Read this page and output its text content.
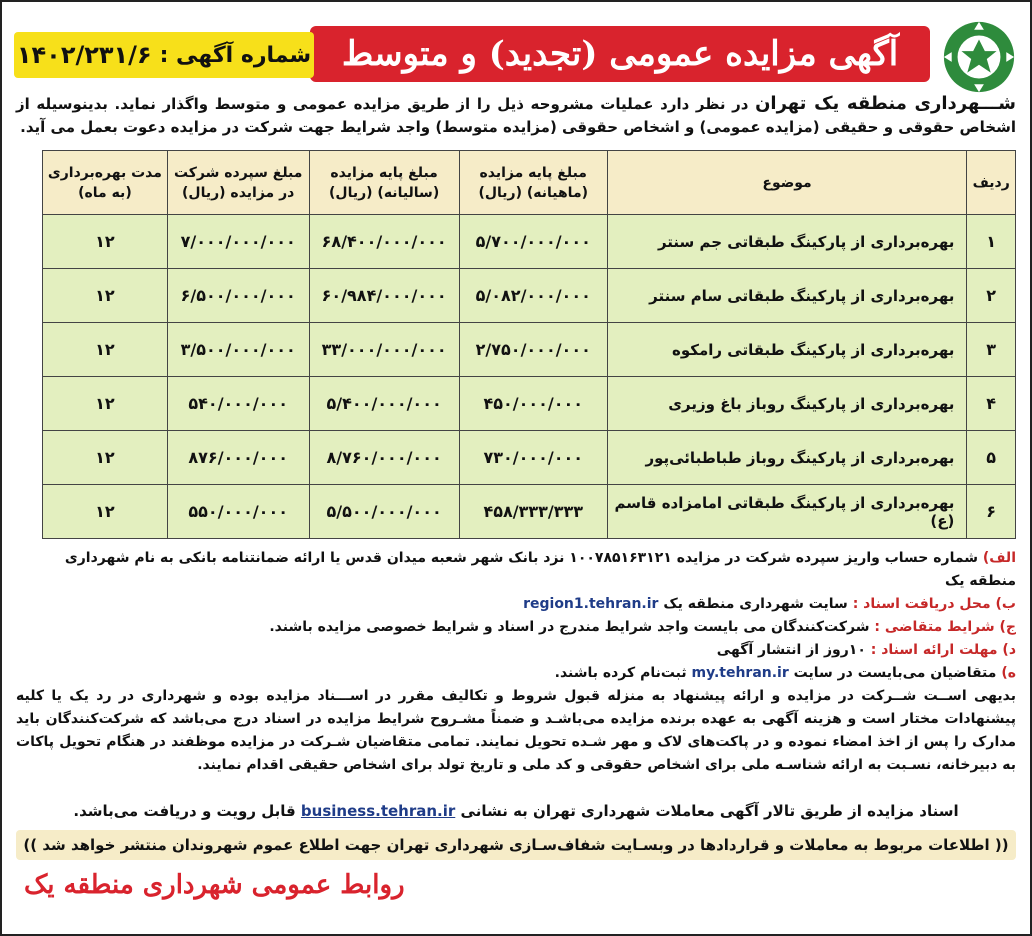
آگهی مزایده عمومی (تجدید) و متوسط
شماره آگهی :
۱۴۰۲/۲۳۱/۶
شـــهرداری منطقه یک تهران در نظر دارد عملیات مشروحه ذیل را از طریق مزایده عمومی و متوسط واگذار نماید. بدینوسیله از اشخاص حقوقی و حقیقی (مزایده عمومی) و اشخاص حقوقی (مزایده متوسط) واجد شرایط جهت شرکت در مزایده دعوت بعمل می آید.
ردیف	موضوع	مبلغ پایه مزایده (ماهیانه) (ریال)	مبلغ پایه مزایده (سالیانه) (ریال)	مبلغ سپرده شرکت در مزایده (ریال)	مدت بهره‌برداری (به ماه)
۱	بهره‌برداری از پارکینگ طبقاتی جم سنتر	۵/۷۰۰/۰۰۰/۰۰۰	۶۸/۴۰۰/۰۰۰/۰۰۰	۷/۰۰۰/۰۰۰/۰۰۰	۱۲
۲	بهره‌برداری از پارکینگ طبقاتی سام سنتر	۵/۰۸۲/۰۰۰/۰۰۰	۶۰/۹۸۴/۰۰۰/۰۰۰	۶/۵۰۰/۰۰۰/۰۰۰	۱۲
۳	بهره‌برداری از پارکینگ طبقاتی رامکوه	۲/۷۵۰/۰۰۰/۰۰۰	۳۳/۰۰۰/۰۰۰/۰۰۰	۳/۵۰۰/۰۰۰/۰۰۰	۱۲
۴	بهره‌برداری از پارکینگ روباز باغ وزیری	۴۵۰/۰۰۰/۰۰۰	۵/۴۰۰/۰۰۰/۰۰۰	۵۴۰/۰۰۰/۰۰۰	۱۲
۵	بهره‌برداری از پارکینگ روباز طباطبائی‌پور	۷۳۰/۰۰۰/۰۰۰	۸/۷۶۰/۰۰۰/۰۰۰	۸۷۶/۰۰۰/۰۰۰	۱۲
۶	بهره‌برداری از پارکینگ طبقاتی امامزاده قاسم (ع)	۴۵۸/۳۳۳/۳۳۳	۵/۵۰۰/۰۰۰/۰۰۰	۵۵۰/۰۰۰/۰۰۰	۱۲
الف) شماره حساب واریز سپرده شرکت در مزایده ۱۰۰۷۸۵۱۶۳۱۲۱ نزد بانک شهر شعبه میدان قدس یا ارائه ضمانتنامه بانکی به نام شهرداری منطقه یک
ب) محل دریافت اسناد : سایت شهرداری منطقه یک region1.tehran.ir
ج) شرایط متقاضی : شرکت‌کنندگان می بایست واجد شرایط مندرج در اسناد و شرایط خصوصی مزایده باشند.
د) مهلت ارائه اسناد : ۱۰روز از انتشار آگهی
ه) متقاضیان می‌بایست در سایت my.tehran.ir ثبت‌نام کرده باشند.
بدیهی اســت شــرکت در مزایده و ارائه پیشنهاد به منزله قبول شروط و تکالیف مقرر در اســـناد مزایده بوده و شهرداری در رد یک یا کلیه پیشنهادات مختار است و هزینه آگهی به عهده برنده مزایده می‌باشـد و ضمناً مشـروح شرایط مزایده در اسناد درج می‌باشد که شرکت‌کنندگان باید مدارک را پس از اخذ امضاء نموده و در پاکت‌های لاک و مهر شـده تحویل نمایند. تمامی متقاضیان شـرکت در مزایده موظفند در هنگام تحویل پاکات به دبیرخانه، نسـبت به ارائه شناسـه ملی برای اشخاص حقوقی و کد ملی و تاریخ تولد برای اشخاص حقیقی اقدام نمایند.
اسناد مزایده از طریق تالار آگهی معاملات شهرداری تهران به نشانی business.tehran.ir قابل رویت و دریافت می‌باشد.
(( اطلاعات مربوط به معاملات و قراردادها در وبسـایت شفاف‌سـازی شهرداری تهران جهت اطلاع عموم شهروندان منتشر خواهد شد ))
روابط عمومی شهرداری منطقه یک
